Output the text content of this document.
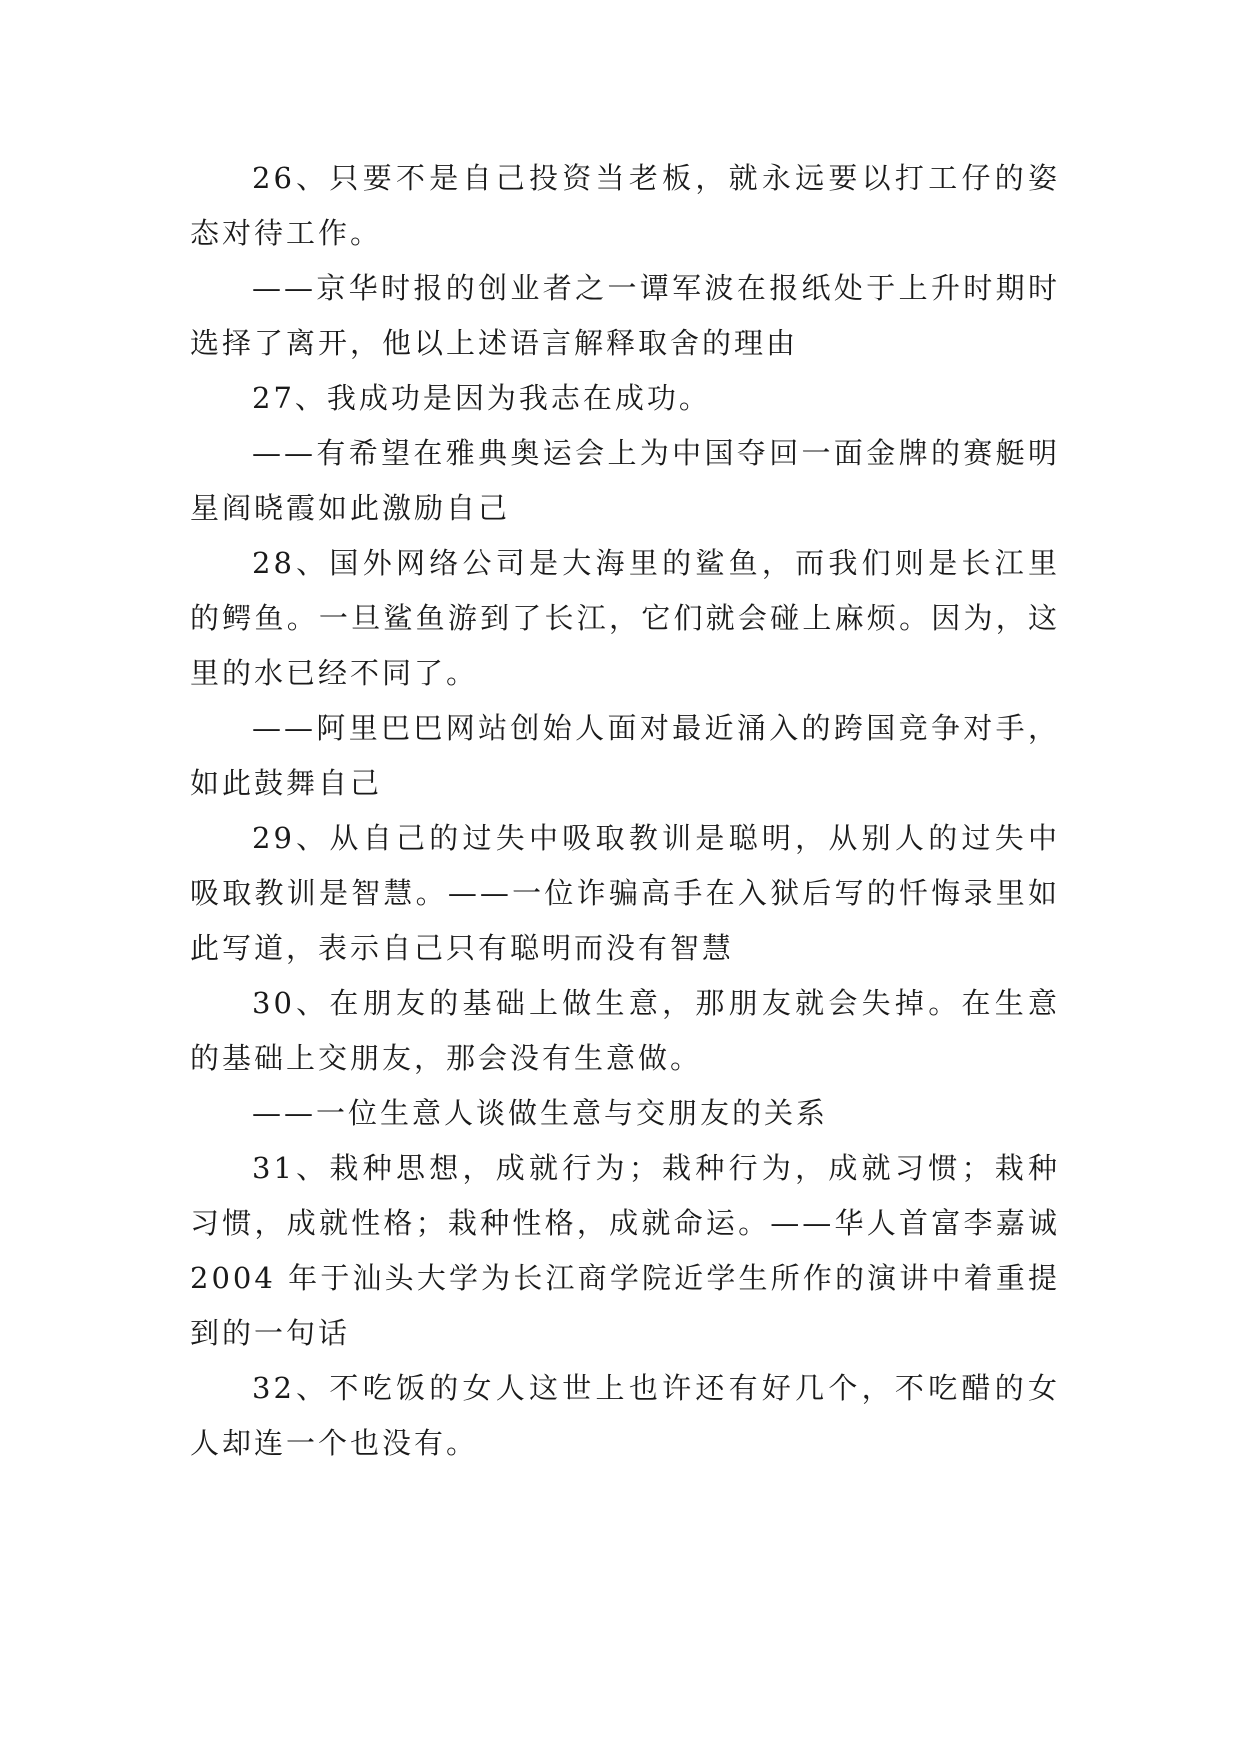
26、只要不是自己投资当老板，就永远要以打工仔的姿态对待工作。

——京华时报的创业者之一谭军波在报纸处于上升时期时选择了离开，他以上述语言解释取舍的理由

27、我成功是因为我志在成功。

——有希望在雅典奥运会上为中国夺回一面金牌的赛艇明星阎晓霞如此激励自己

28、国外网络公司是大海里的鲨鱼，而我们则是长江里的鳄鱼。一旦鲨鱼游到了长江，它们就会碰上麻烦。因为，这里的水已经不同了。

——阿里巴巴网站创始人面对最近涌入的跨国竞争对手，如此鼓舞自己

29、从自己的过失中吸取教训是聪明，从别人的过失中吸取教训是智慧。——一位诈骗高手在入狱后写的忏悔录里如此写道，表示自己只有聪明而没有智慧

30、在朋友的基础上做生意，那朋友就会失掉。在生意的基础上交朋友，那会没有生意做。

——一位生意人谈做生意与交朋友的关系

31、栽种思想，成就行为；栽种行为，成就习惯；栽种习惯，成就性格；栽种性格，成就命运。——华人首富李嘉诚 2004 年于汕头大学为长江商学院近学生所作的演讲中着重提到的一句话

32、不吃饭的女人这世上也许还有好几个，不吃醋的女人却连一个也没有。
